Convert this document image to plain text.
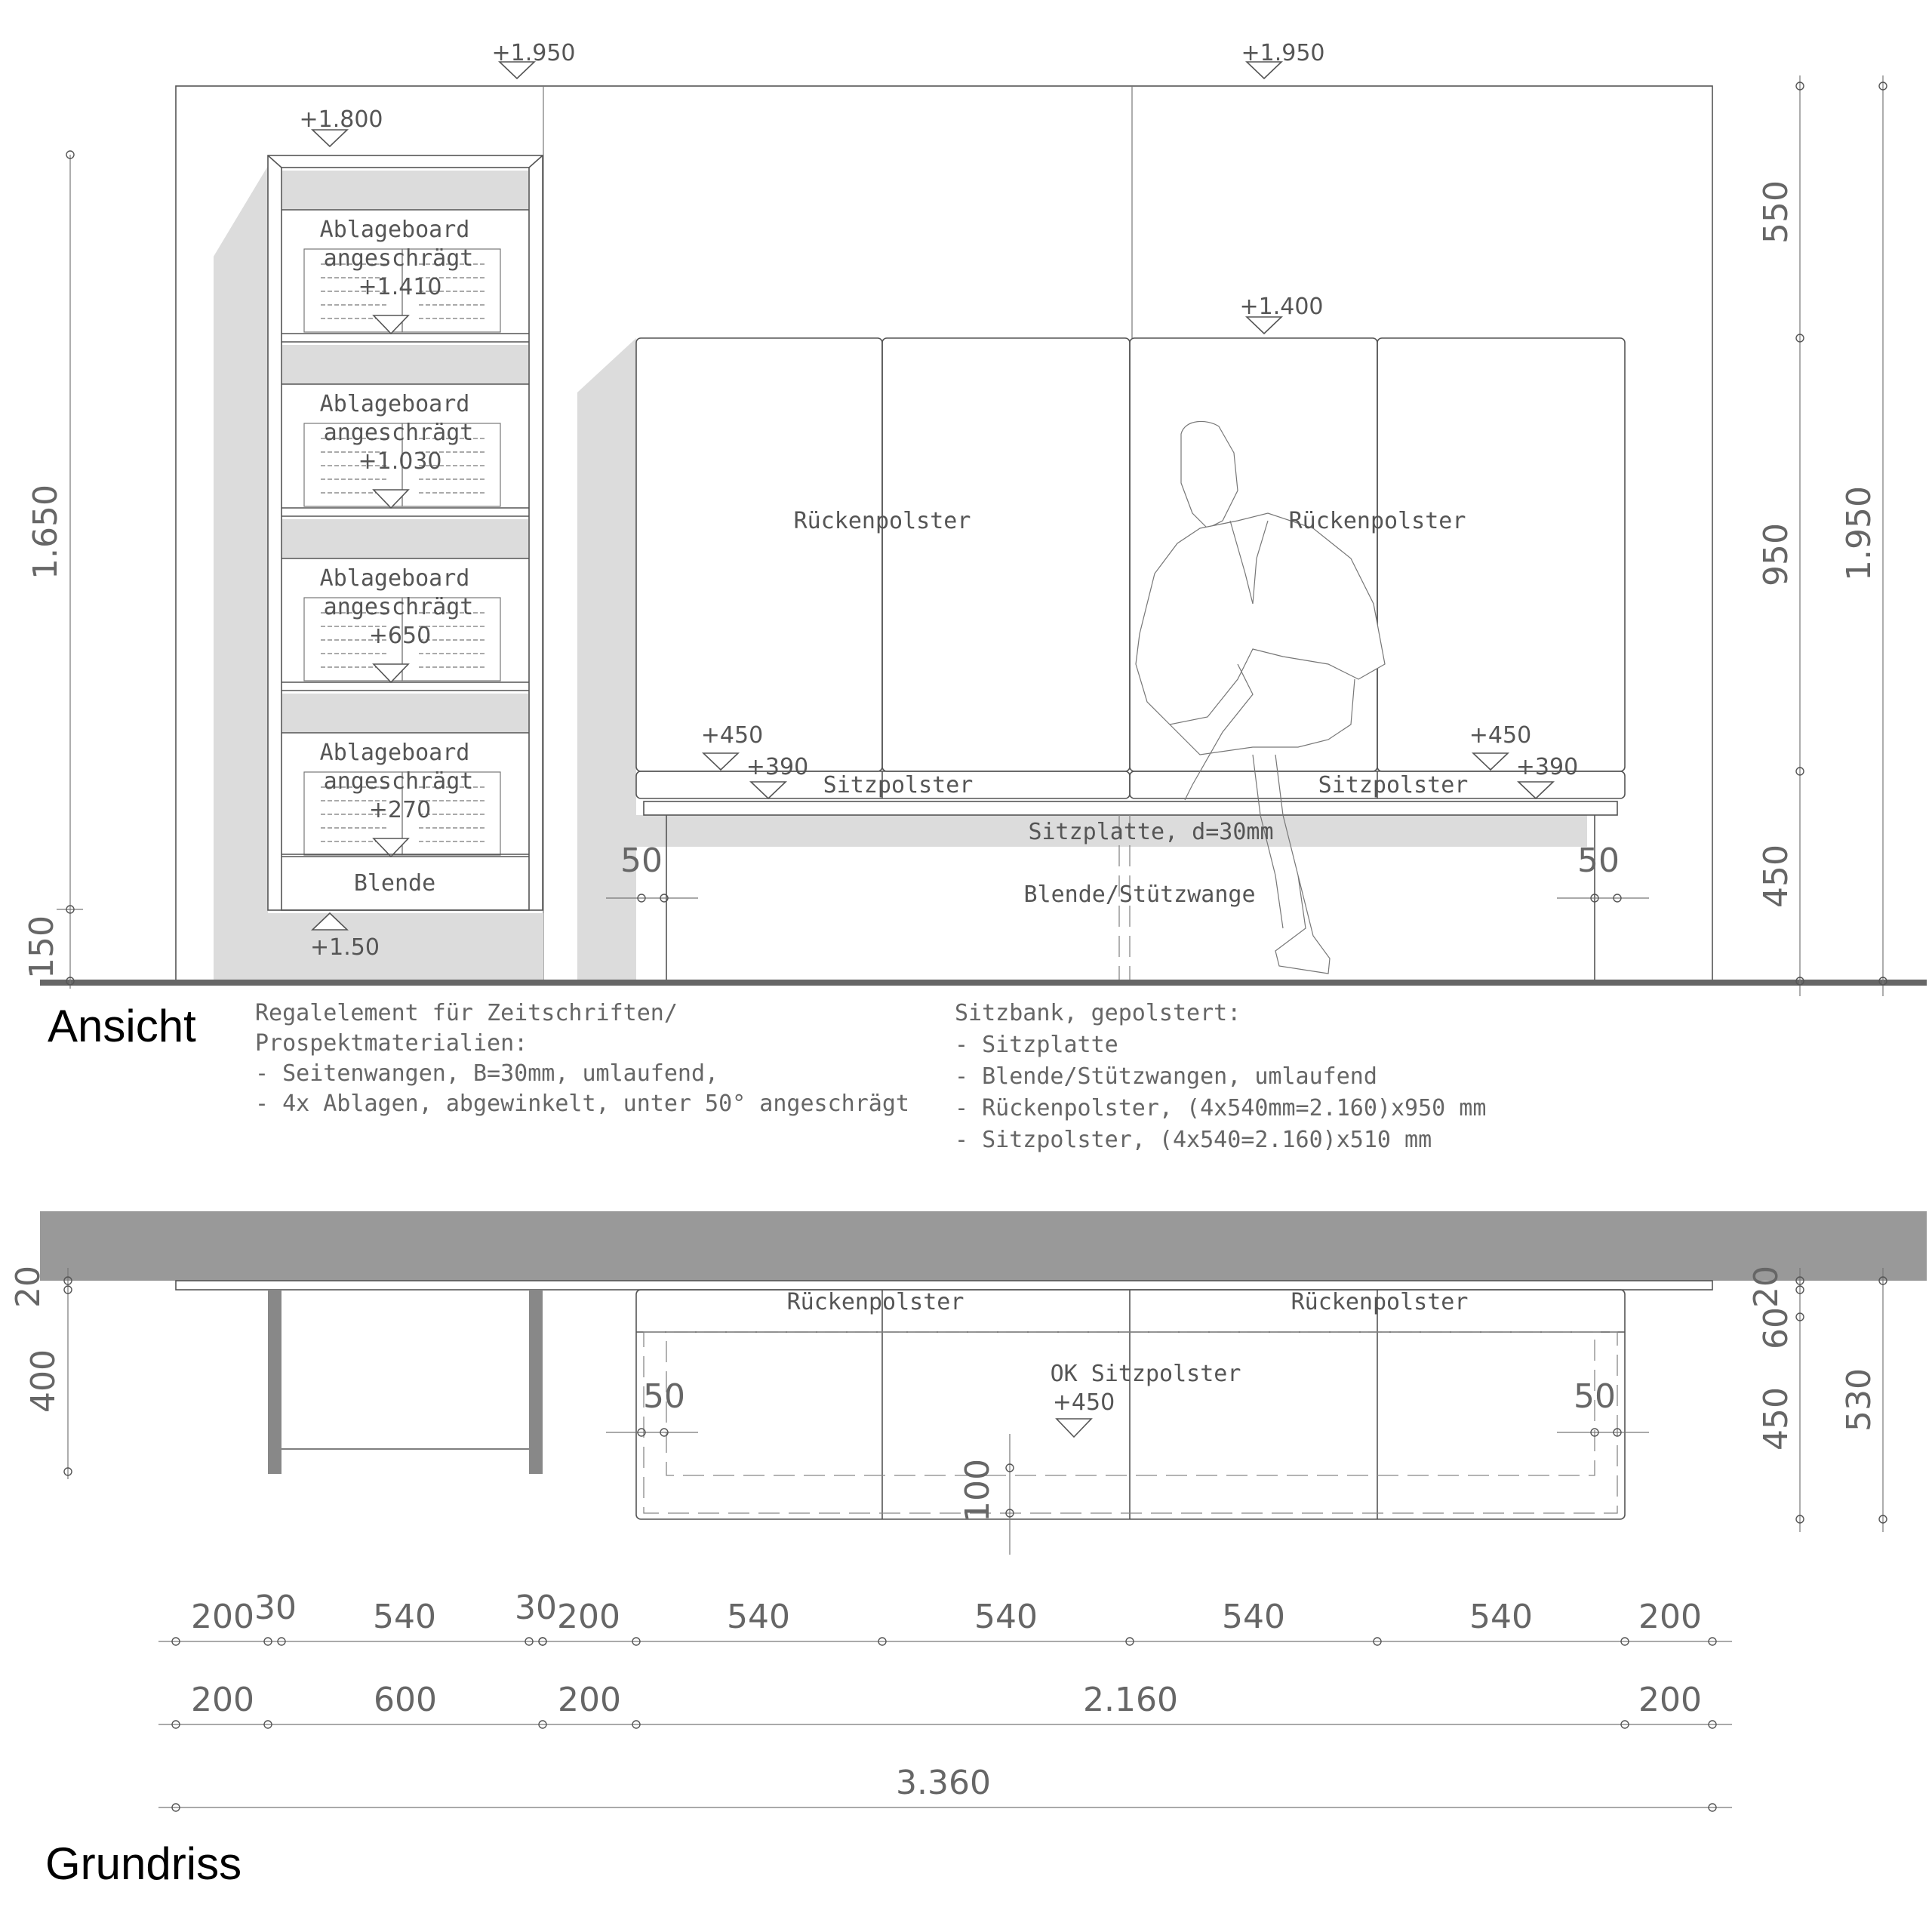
Ablageboard
angeschrägt
+1.410
Ablageboard
angeschrägt
+1.030
Ablageboard
angeschrägt
+650
Ablageboard
angeschrägt
+270
Blende
Rückenpolster	Rückenpolster
Sitzpolster	Sitzpolster
Sitzplatte, d=30mm
Blende/Stützwange
+1.950	+1.950
+1.800
+1.400
+450
+390
+450
+390
+1.50
1.650
150
50	50
550
950
450
1.950
Ansicht	Regalelement für Zeitschriften/
Prospektmaterialien:
- Seitenwangen, B=30mm, umlaufend,
- 4x Ablagen, abgewinkelt, unter 50° angeschrägt
Sitzbank, gepolstert:
- Sitzplatte
- Blende/Stützwangen, umlaufend
- Rückenpolster, (4x540mm=2.160)x950 mm
- Sitzpolster, (4x540=2.160)x510 mm
Rückenpolster	Rückenpolster
OK Sitzpolster
+450
20
400	50	50
100
20
60
450 530
200 30 540 30 200	540	540	540	540	200
200	600	200	2.160	200
3.360
Grundriss
